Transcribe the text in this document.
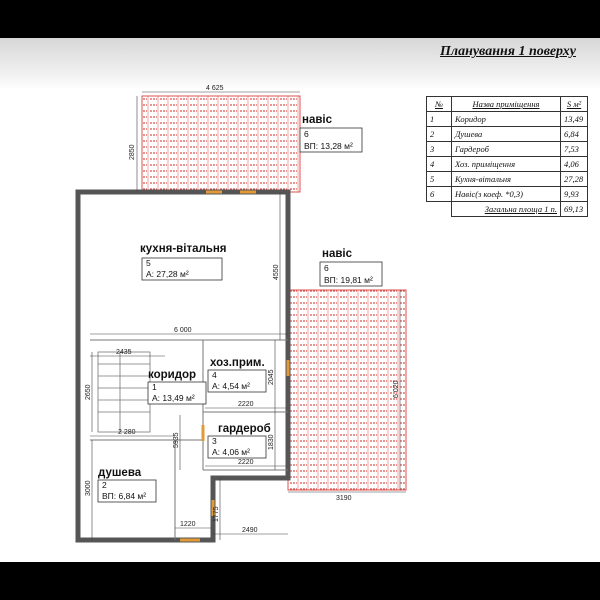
Планування 1 поверху
навіс
кухня-вітальня	навіс
хоз.прим.
коридор
гардероб
душева
6
ВП: 13,28 м²
5
А: 27,28 м²
6
ВП: 19,81 м²
4
А: 4,54 м²
1
А: 13,49 м²
3
А: 4,06 м²
2
ВП: 6,84 м²
4 625
2850
4550
6 000
2435
2650
2045
2220
2 280	5935	1830
2220
6 020
3190
3000
1220
1775
2490
№	Назва приміщення	S м²
1	Коридор	13,49
2	Душева	6,84
3	Гардероб	7,53
4	Хоз. приміщення	4,06
5	Кухня-вітальня	27,28
6	Навіс(з коеф. *0,3)	9,93
	Загальна площа 1 п.	69,13
